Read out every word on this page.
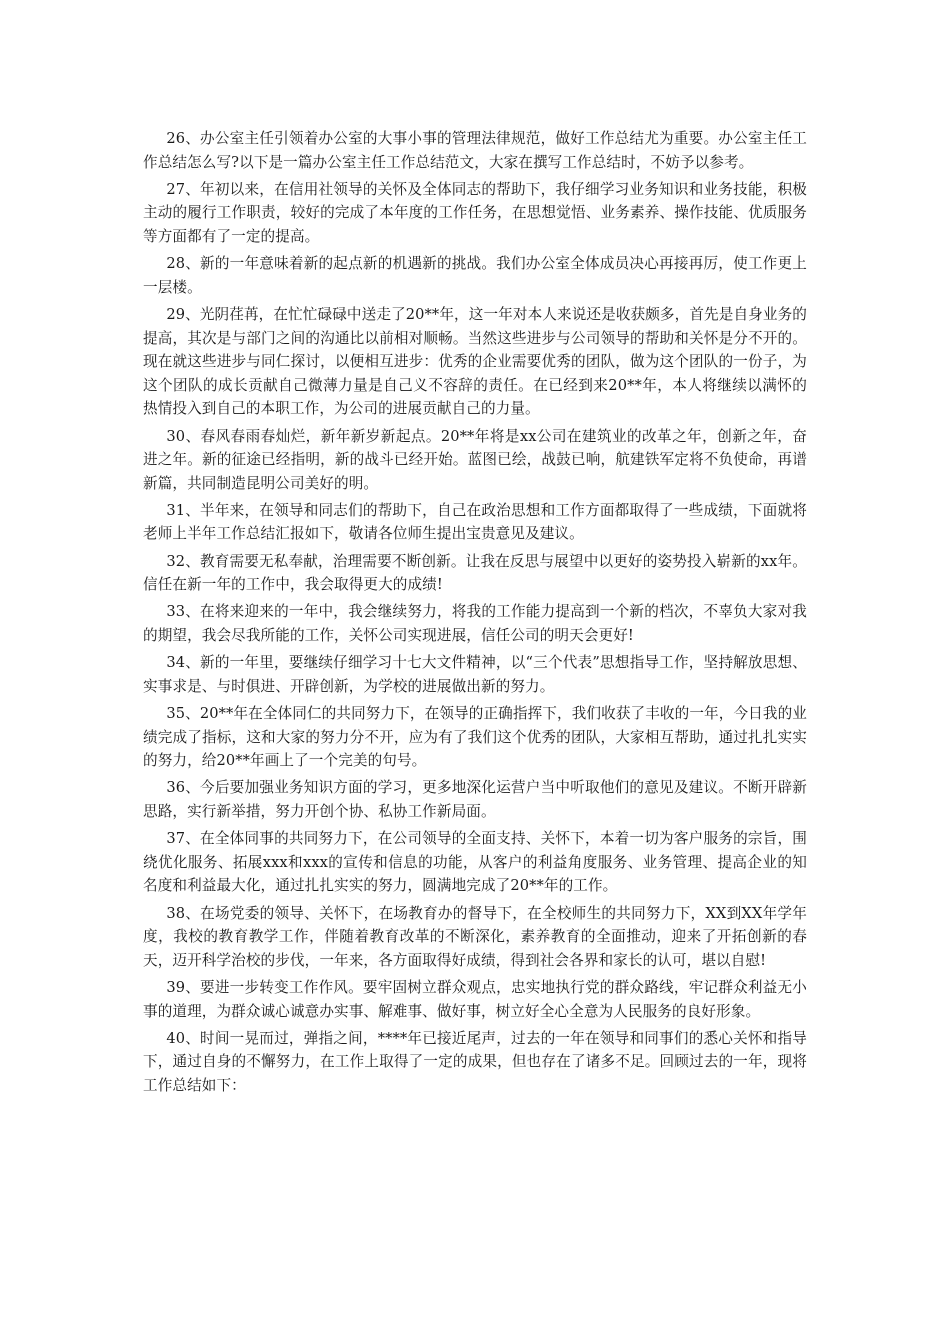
26、办公室主任引领着办公室的大事小事的管理法律规范，做好工作总结尤为重要。办公室主任工作总结怎么写?以下是一篇办公室主任工作总结范文，大家在撰写工作总结时，不妨予以参考。

27、年初以来，在信用社领导的关怀及全体同志的帮助下，我仔细学习业务知识和业务技能，积极主动的履行工作职责，较好的完成了本年度的工作任务，在思想觉悟、业务素养、操作技能、优质服务等方面都有了一定的提高。

28、新的一年意味着新的起点新的机遇新的挑战。我们办公室全体成员决心再接再厉，使工作更上一层楼。

29、光阴荏苒，在忙忙碌碌中送走了20**年，这一年对本人来说还是收获颇多，首先是自身业务的提高，其次是与部门之间的沟通比以前相对顺畅。当然这些进步与公司领导的帮助和关怀是分不开的。现在就这些进步与同仁探讨，以便相互进步：优秀的企业需要优秀的团队，做为这个团队的一份子，为这个团队的成长贡献自己微薄力量是自己义不容辞的责任。在已经到来20**年，本人将继续以满怀的热情投入到自己的本职工作，为公司的进展贡献自己的力量。

30、春风春雨春灿烂，新年新岁新起点。20**年将是xx公司在建筑业的改革之年，创新之年，奋进之年。新的征途已经指明，新的战斗已经开始。蓝图已绘，战鼓已响，航建铁军定将不负使命，再谱新篇，共同制造昆明公司美好的明。

31、半年来，在领导和同志们的帮助下，自己在政治思想和工作方面都取得了一些成绩，下面就将老师上半年工作总结汇报如下，敬请各位师生提出宝贵意见及建议。

32、教育需要无私奉献，治理需要不断创新。让我在反思与展望中以更好的姿势投入崭新的xx年。信任在新一年的工作中，我会取得更大的成绩!

33、在将来迎来的一年中，我会继续努力，将我的工作能力提高到一个新的档次，不辜负大家对我的期望，我会尽我所能的工作，关怀公司实现进展，信任公司的明天会更好!

34、新的一年里，要继续仔细学习十七大文件精神，以“三个代表”思想指导工作，坚持解放思想、实事求是、与时俱进、开辟创新，为学校的进展做出新的努力。

35、20**年在全体同仁的共同努力下，在领导的正确指挥下，我们收获了丰收的一年，今日我的业绩完成了指标，这和大家的努力分不开，应为有了我们这个优秀的团队，大家相互帮助，通过扎扎实实的努力，给20**年画上了一个完美的句号。

36、今后要加强业务知识方面的学习，更多地深化运营户当中听取他们的意见及建议。不断开辟新思路，实行新举措，努力开创个协、私协工作新局面。

37、在全体同事的共同努力下，在公司领导的全面支持、关怀下，本着一切为客户服务的宗旨，围绕优化服务、拓展xxx和xxx的宣传和信息的功能，从客户的利益角度服务、业务管理、提高企业的知名度和利益最大化，通过扎扎实实的努力，圆满地完成了20**年的工作。

38、在场党委的领导、关怀下，在场教育办的督导下，在全校师生的共同努力下，XX到XX年学年度，我校的教育教学工作，伴随着教育改革的不断深化，素养教育的全面推动，迎来了开拓创新的春天，迈开科学治校的步伐，一年来，各方面取得好成绩，得到社会各界和家长的认可，堪以自慰!

39、要进一步转变工作作风。要牢固树立群众观点，忠实地执行党的群众路线，牢记群众利益无小事的道理，为群众诚心诚意办实事、解难事、做好事，树立好全心全意为人民服务的良好形象。

40、时间一晃而过，弹指之间，****年已接近尾声，过去的一年在领导和同事们的悉心关怀和指导下，通过自身的不懈努力，在工作上取得了一定的成果，但也存在了诸多不足。回顾过去的一年，现将工作总结如下：
